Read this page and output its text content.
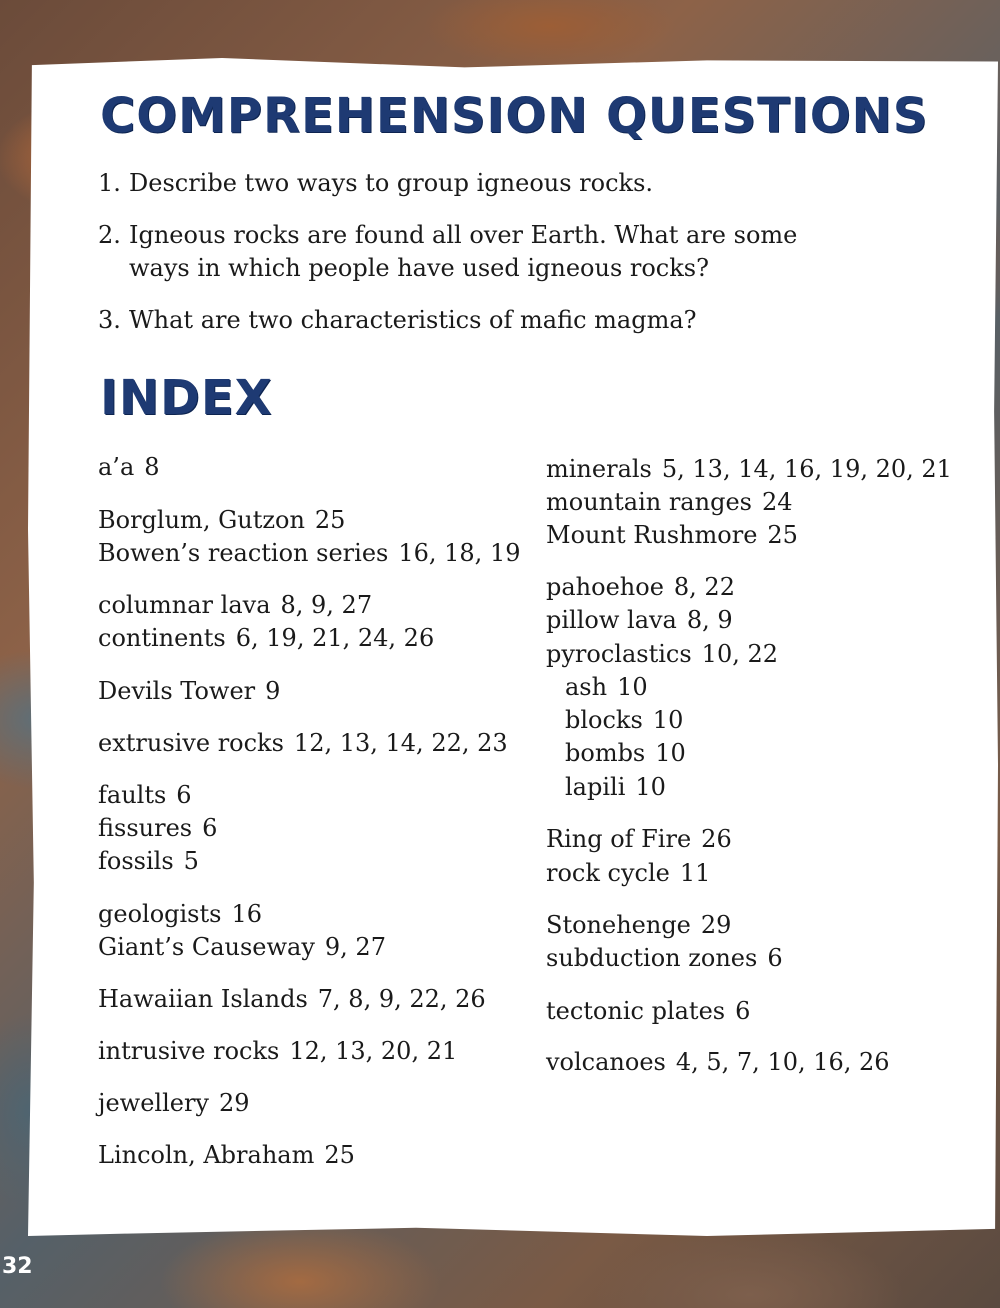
COMPREHENSION QUESTIONS
1. Describe two ways to group igneous rocks.
2. Igneous rocks are found all over Earth. What are some ways in which people have used igneous rocks?
3. What are two characteristics of mafic magma?
INDEX
a’a 8
Borglum, Gutzon 25
Bowen’s reaction series 16, 18, 19
columnar lava 8, 9, 27
continents 6, 19, 21, 24, 26
Devils Tower 9
extrusive rocks 12, 13, 14, 22, 23
faults 6
fissures 6
fossils 5
geologists 16
Giant’s Causeway 9, 27
Hawaiian Islands 7, 8, 9, 22, 26
intrusive rocks 12, 13, 20, 21
jewellery 29
Lincoln, Abraham 25
minerals 5, 13, 14, 16, 19, 20, 21
mountain ranges 24
Mount Rushmore 25
pahoehoe 8, 22
pillow lava 8, 9
pyroclastics 10, 22
ash 10
blocks 10
bombs 10
lapili 10
Ring of Fire 26
rock cycle 11
Stonehenge 29
subduction zones 6
tectonic plates 6
volcanoes 4, 5, 7, 10, 16, 26
32
